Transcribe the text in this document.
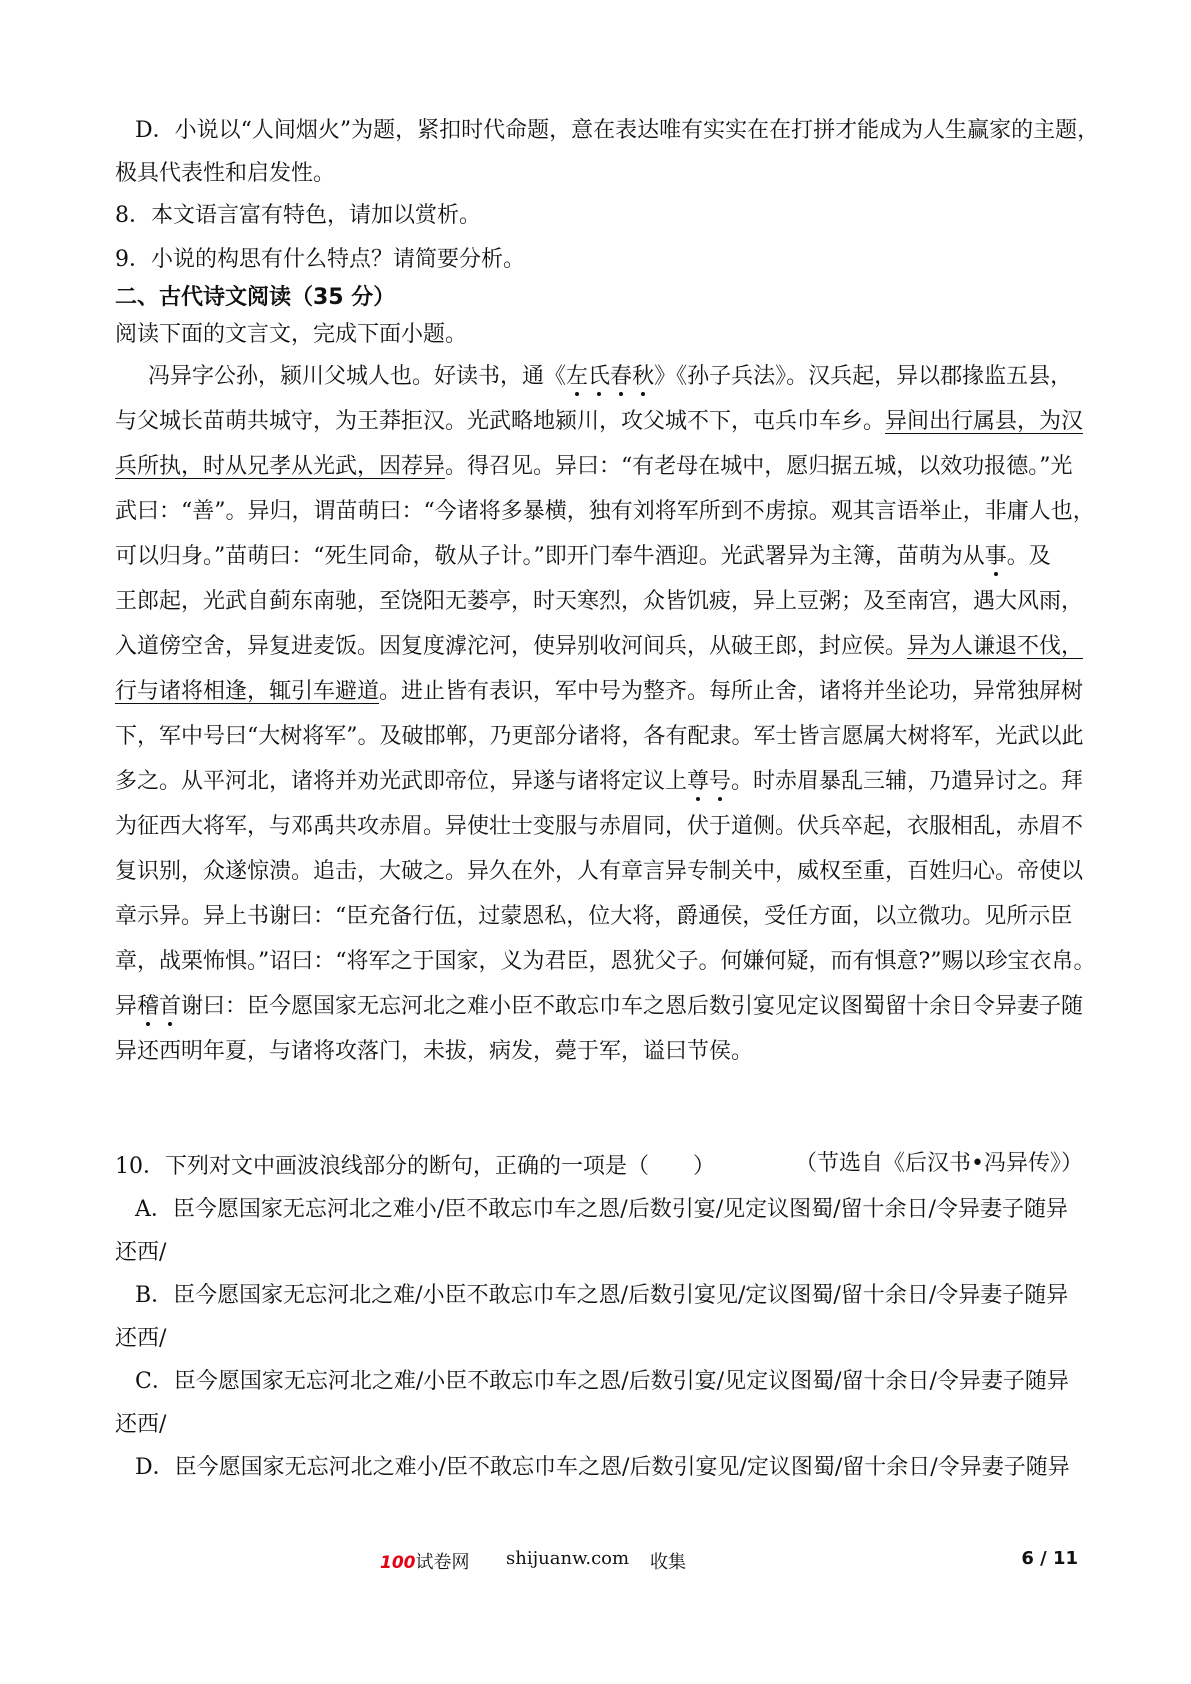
D．小说以“人间烟火”为题，紧扣时代命题，意在表达唯有实实在在打拼才能成为人生赢家的主题，
极具代表性和启发性。
8．本文语言富有特色，请加以赏析。
9．小说的构思有什么特点？请简要分析。
二、古代诗文阅读（35 分）
阅读下面的文言文，完成下面小题。
冯异字公孙，颍川父城人也。好读书，通《左氏春秋》《孙子兵法》。汉兵起，异以郡掾监五县，
与父城长苗萌共城守，为王莽拒汉。光武略地颍川，攻父城不下，屯兵巾车乡。异间出行属县，为汉
兵所执，时从兄孝从光武，因荐异。得召见。异曰：“有老母在城中，愿归据五城，以效功报德。”光
武曰：“善”。异归，谓苗萌曰：“今诸将多暴横，独有刘将军所到不虏掠。观其言语举止，非庸人也，
可以归身。”苗萌曰：“死生同命，敬从子计。”即开门奉牛酒迎。光武署异为主簿，苗萌为从事。及
王郎起，光武自蓟东南驰，至饶阳无蒌亭，时天寒烈，众皆饥疲，异上豆粥；及至南宫，遇大风雨，
入道傍空舍，异复进麦饭。因复度滹沱河，使异别收河间兵，从破王郎，封应侯。异为人谦退不伐，
行与诸将相逢，辄引车避道。进止皆有表识，军中号为整齐。每所止舍，诸将并坐论功，异常独屏树
下，军中号曰“大树将军”。及破邯郸，乃更部分诸将，各有配隶。军士皆言愿属大树将军，光武以此
多之。从平河北，诸将并劝光武即帝位，异遂与诸将定议上尊号。时赤眉暴乱三辅，乃遣异讨之。拜
为征西大将军，与邓禹共攻赤眉。异使壮士变服与赤眉同，伏于道侧。伏兵卒起，衣服相乱，赤眉不
复识别，众遂惊溃。追击，大破之。异久在外，人有章言异专制关中，威权至重，百姓归心。帝使以
章示异。异上书谢曰：“臣充备行伍，过蒙恩私，位大将，爵通侯，受任方面，以立微功。见所示臣
章，战栗怖惧。”诏曰：“将军之于国家，义为君臣，恩犹父子。何嫌何疑，而有惧意?”赐以珍宝衣帛。
异稽首谢曰：臣今愿国家无忘河北之难小臣不敢忘巾车之恩后数引宴见定议图蜀留十余日令异妻子随
异还西明年夏，与诸将攻落门，未拔，病发，薨于军，谥曰节侯。
10．下列对文中画波浪线部分的断句，正确的一项是（　　）
A．臣今愿国家无忘河北之难小/臣不敢忘巾车之恩/后数引宴/见定议图蜀/留十余日/令异妻子随异
还西/
B．臣今愿国家无忘河北之难/小臣不敢忘巾车之恩/后数引宴见/定议图蜀/留十余日/令异妻子随异
还西/
C．臣今愿国家无忘河北之难/小臣不敢忘巾车之恩/后数引宴/见定议图蜀/留十余日/令异妻子随异
还西/
D．臣今愿国家无忘河北之难小/臣不敢忘巾车之恩/后数引宴见/定议图蜀/留十余日/令异妻子随异
（节选自《后汉书•冯异传》）
100试卷网 shijuanw.com 收集	6 / 11
